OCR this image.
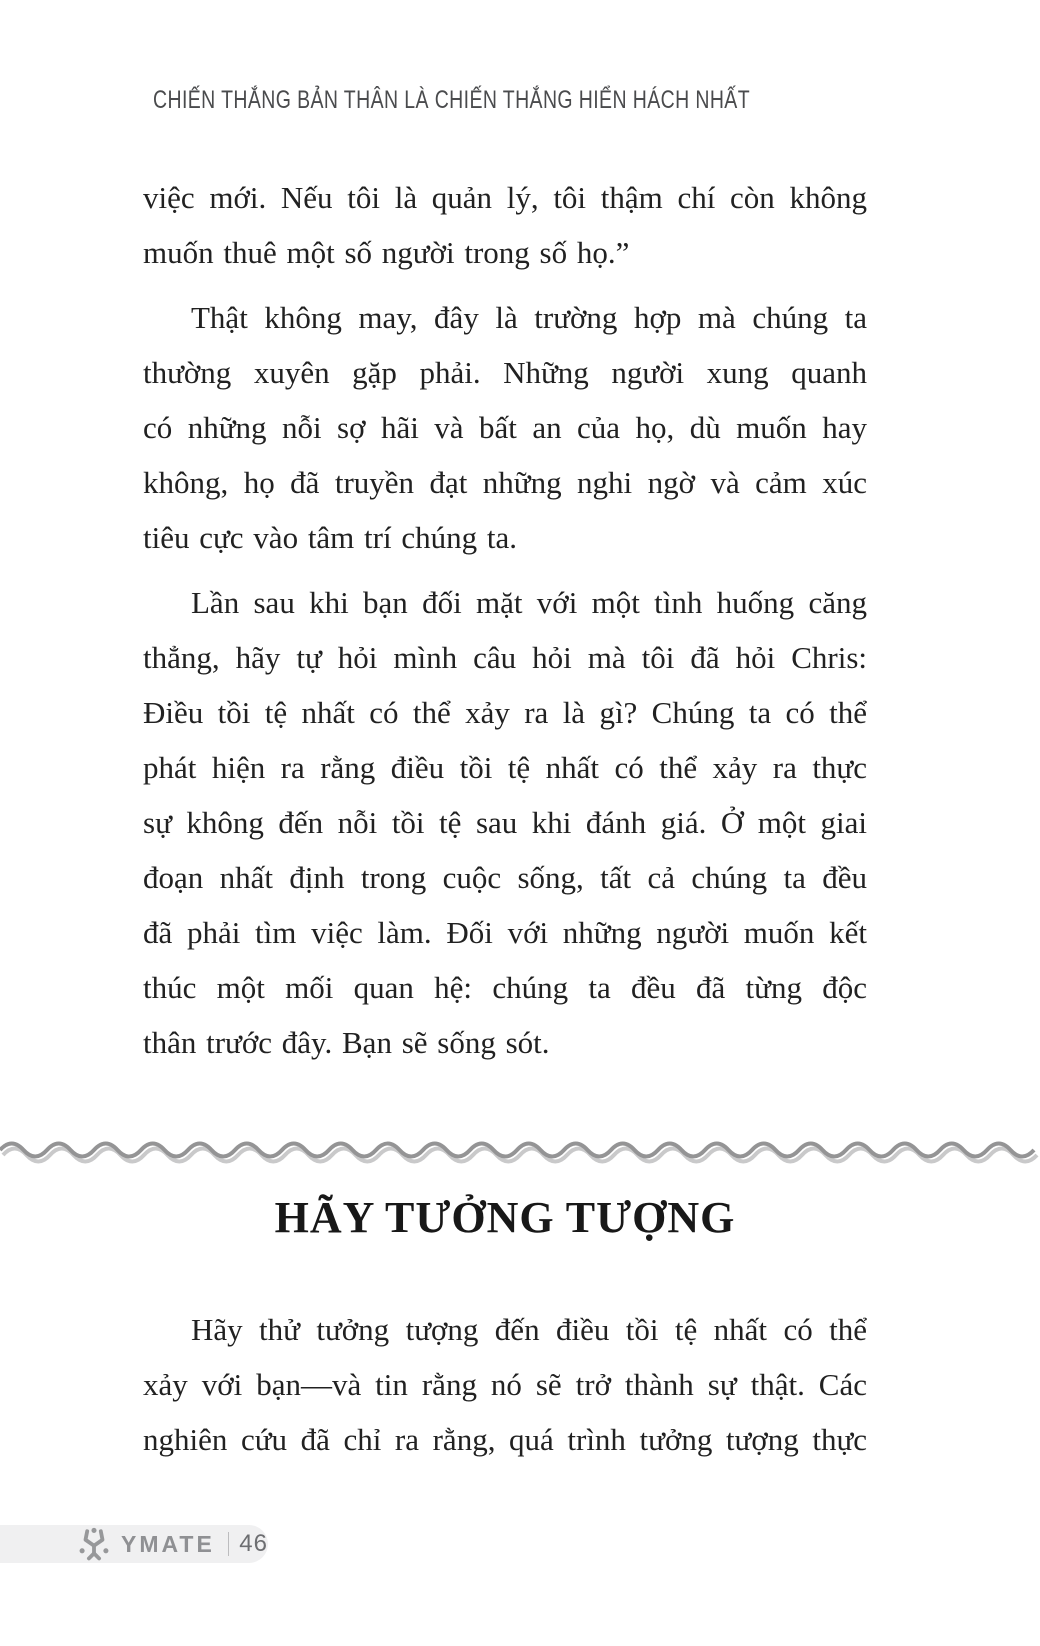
CHIẾN THẮNG BẢN THÂN LÀ CHIẾN THẮNG HIỂN HÁCH NHẤT
việc mới. Nếu tôi là quản lý, tôi thậm chí còn không
muốn thuê một số người trong số họ.”
Thật không may, đây là trường hợp mà chúng ta
thường xuyên gặp phải. Những người xung quanh
có những nỗi sợ hãi và bất an của họ, dù muốn hay
không, họ đã truyền đạt những nghi ngờ và cảm xúc
tiêu cực vào tâm trí chúng ta.
Lần sau khi bạn đối mặt với một tình huống căng
thẳng, hãy tự hỏi mình câu hỏi mà tôi đã hỏi Chris:
Điều tồi tệ nhất có thể xảy ra là gì? Chúng ta có thể
phát hiện ra rằng điều tồi tệ nhất có thể xảy ra thực
sự không đến nỗi tồi tệ sau khi đánh giá. Ở một giai
đoạn nhất định trong cuộc sống, tất cả chúng ta đều
đã phải tìm việc làm. Đối với những người muốn kết
thúc một mối quan hệ: chúng ta đều đã từng độc
thân trước đây. Bạn sẽ sống sót.
HÃY TƯỞNG TƯỢNG
Hãy thử tưởng tượng đến điều tồi tệ nhất có thể
xảy với bạn—và tin rằng nó sẽ trở thành sự thật. Các
nghiên cứu đã chỉ ra rằng, quá trình tưởng tượng thực
YMATE 46
